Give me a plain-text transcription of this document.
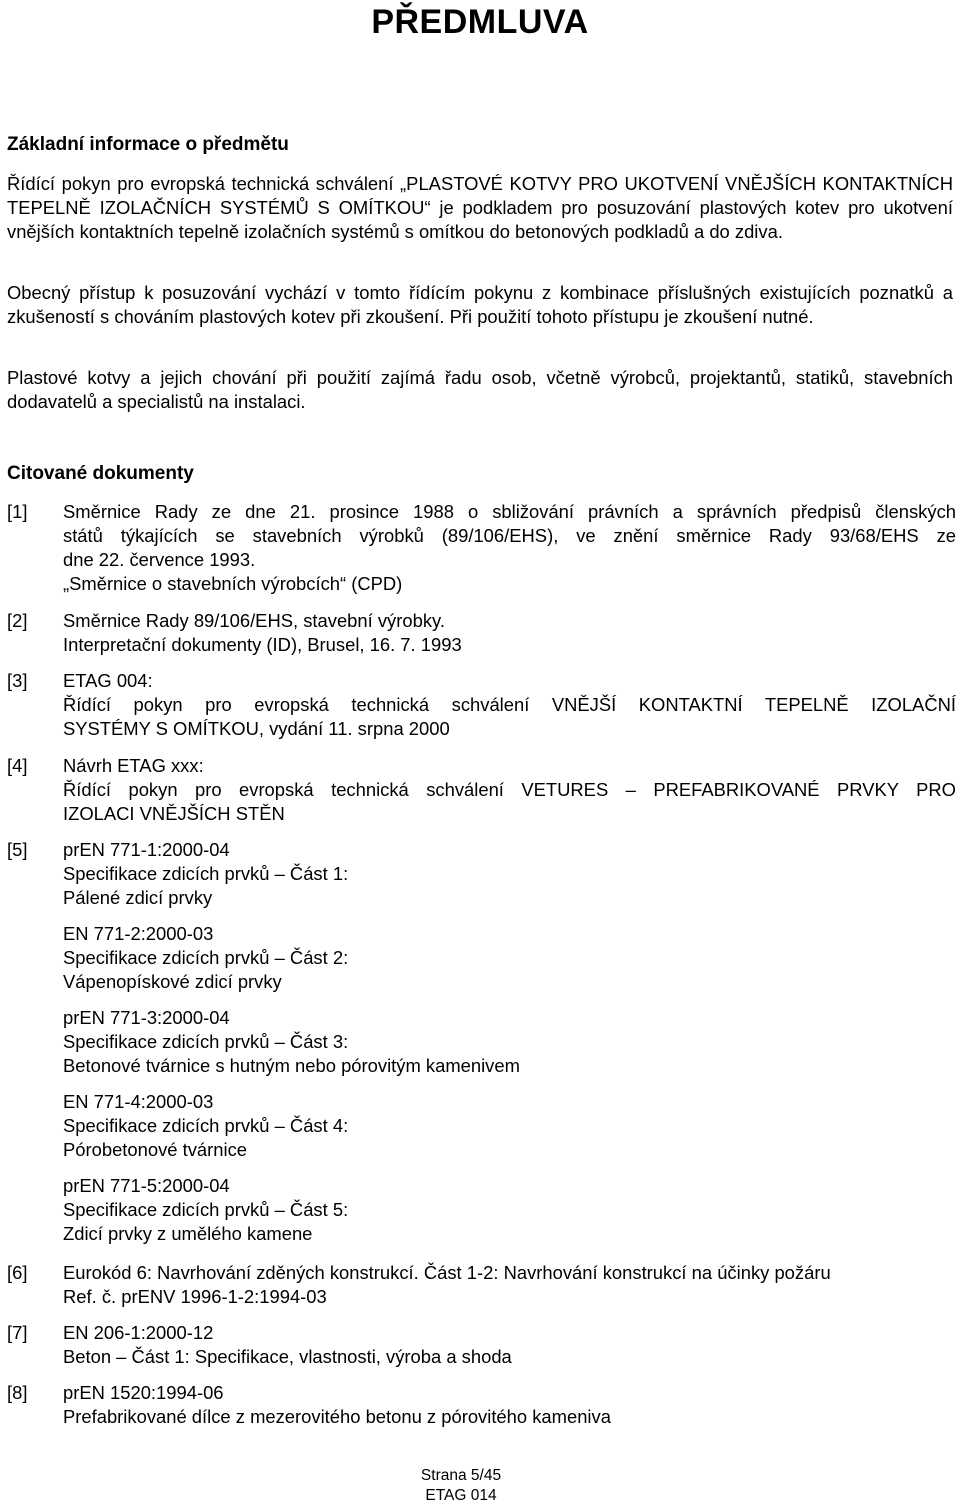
PŘEDMLUVA
Základní informace o předmětu

Řídící pokyn pro evropská technická schválení „PLASTOVÉ KOTVY PRO UKOTVENÍ VNĚJŠÍCH KONTAKTNÍCH TEPELNĚ IZOLAČNÍCH SYSTÉMŮ S OMÍTKOU“ je podkladem pro posuzování plastových kotev pro ukotvení vnějších kontaktních tepelně izolačních systémů s omítkou do betonových podkladů a do zdiva.

Obecný přístup k posuzování vychází v tomto řídícím pokynu z kombinace příslušných existujících poznatků a zkušeností s chováním plastových kotev při zkoušení. Při použití tohoto přístupu je zkoušení nutné.

Plastové kotvy a jejich chování při použití zajímá řadu osob, včetně výrobců, projektantů, statiků, stavebních dodavatelů a specialistů na instalaci.

Citované dokumenty
[1] Směrnice Rady ze dne 21. prosince 1988 o sbližování právních a správních předpisů členských
států týkajících se stavebních výrobků (89/106/EHS), ve znění směrnice Rady 93/68/EHS ze
dne 22. července 1993.
„Směrnice o stavebních výrobcích“ (CPD)
[2] Směrnice Rady 89/106/EHS, stavební výrobky.
Interpretační dokumenty (ID), Brusel, 16. 7. 1993
[3] ETAG 004:
Řídící pokyn pro evropská technická schválení VNĚJŠÍ KONTAKTNÍ TEPELNĚ IZOLAČNÍ
SYSTÉMY S OMÍTKOU, vydání 11. srpna 2000
[4] Návrh ETAG xxx:
Řídící pokyn pro evropská technická schválení VETURES – PREFABRIKOVANÉ PRVKY PRO
IZOLACI VNĚJŠÍCH STĚN
[5] prEN 771-1:2000-04
Specifikace zdicích prvků – Část 1:
Pálené zdicí prvky
EN 771-2:2000-03
Specifikace zdicích prvků – Část 2:
Vápenopískové zdicí prvky
prEN 771-3:2000-04
Specifikace zdicích prvků – Část 3:
Betonové tvárnice s hutným nebo pórovitým kamenivem
EN 771-4:2000-03
Specifikace zdicích prvků – Část 4:
Pórobetonové tvárnice
prEN 771-5:2000-04
Specifikace zdicích prvků – Část 5:
Zdicí prvky z umělého kamene
[6] Eurokód 6: Navrhování zděných konstrukcí. Část 1-2: Navrhování konstrukcí na účinky požáru
Ref. č. prENV 1996-1-2:1994-03
[7] EN 206-1:2000-12
Beton – Část 1: Specifikace, vlastnosti, výroba a shoda
[8] prEN 1520:1994-06
Prefabrikované dílce z mezerovitého betonu z pórovitého kameniva
Strana 5/45
ETAG 014
